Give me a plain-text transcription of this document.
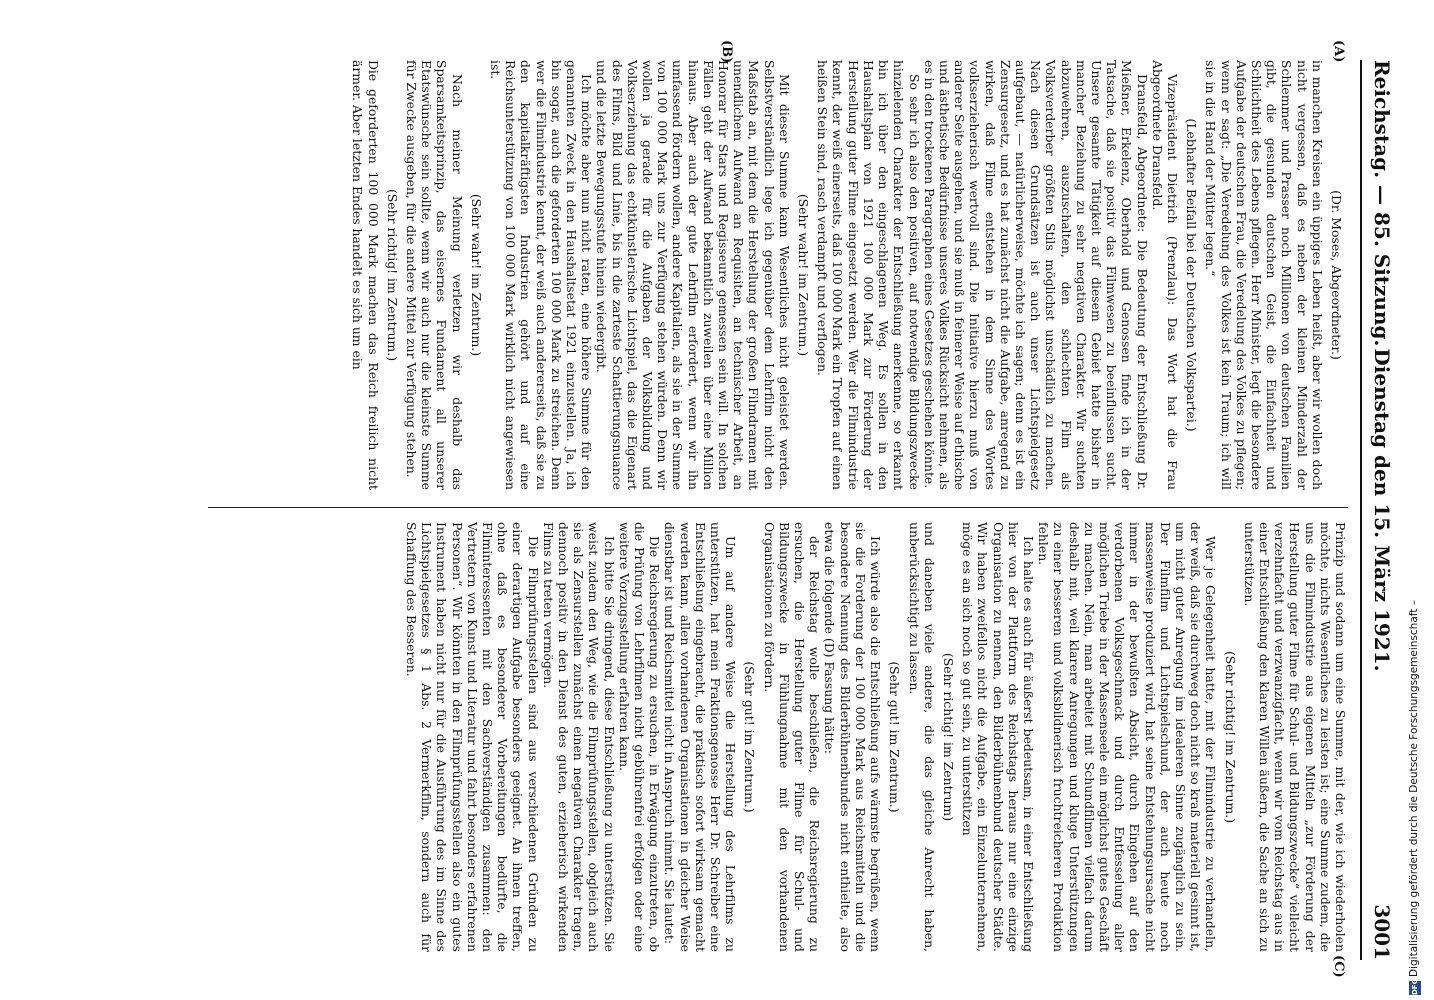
Reichstag. — 85. Sitzung.
Dienstag den 15. März 1921.
3001
(A)
(B)
(C)

(Dr. Moses, Abgeordneter.)

in manchen Kreisen ein üppiges Leben heißt, aber wir wollen doch nicht vergessen, daß es neben der kleinen Minderzahl der Schlemmer und Prasser noch Millionen von deutschen Familien gibt, die gesunden deutschen Geist, die Einfachheit und Schlichtheit des Lebens pflegen. Herr Minister, legt die besondere Aufgabe der deutschen Frau, die Veredelung des Volkes zu pflegen; wenn er sagt: „Die Veredelung des Volkes ist kein Traum; ich will sie in die Hand der Mütter legen.“

(Lebhafter Beifall bei der Deutschen Volkspartei.)

Vizepräsident Dietrich (Prenzlau): Das Wort hat die Frau Abgeordnete Dransfeld.

Dransfeld, Abgeordnete: Die Bedeutung der Entschließung Dr. Mießner, Erkelenz, Oberhold und Genossen finde ich in der Tatsache, daß sie positiv das Filmwesen zu beeinflussen sucht. Unsere gesamte Tätigkeit auf diesem Gebiet hatte bisher in mancher Beziehung zu sehr negativen Charakter. Wir suchten abzuwehren, auszuschalten, den schlechten Film als Volksverderber größten Stils möglichst unschädlich zu machen. Nach diesen Grundsätzen ist auch unser Lichtspielgesetz aufgebaut, — natürlicherweise, möchte ich sagen; denn es ist ein Zensurgesetz, und es hat zunächst nicht die Aufgabe, anregend zu wirken, daß Filme entstehen in dem Sinne des Wortes volkserzieherisch wertvoll sind. Die Initiative hierzu muß von anderer Seite ausgehen, und sie muß in feinerer Weise auf ethische und ästhetische Bedürfnisse unseres Volkes Rücksicht nehmen, als es in den trockenen Paragraphen eines Gesetzes geschehen könnte.

So sehr ich also den positiven, auf notwendige Bildungszwecke hinzielenden Charakter der Entschließung anerkenne, so erkannt bin ich über den eingeschlagenen Weg. Es sollen in den Haushaltsplan von 1921 100 000 Mark zur Förderung der Herstellung guter Filme eingesetzt werden. Wer die Filmindustrie kennt, der weiß einerseits, daß 100 000 Mark ein Tropfen auf einen heißen Stein sind, rasch verdampft und verflogen.

(Sehr wahr! im Zentrum.)

Mit dieser Summe kann Wesentliches nicht geleistet werden. Selbstverständlich lege ich gegenüber dem Lehrfilm nicht den Maßstab an, mit dem die Herstellung der großen Filmdramen mit unendlichem Aufwand an Requisiten, an technischer Arbeit, an Honorar für Stars und Regisseure gemessen sein will. In solchen Fällen geht der Aufwand bekanntlich zuweilen über eine Million hinaus. Aber auch der gute Lehrfilm erfordert, wenn wir ihn umfassend fördern wollen, andere Kapitalien, als sie in der Summe von 100 000 Mark uns zur Verfügung stehen würden. Denn wir wollen ja gerade für die Aufgaben der Volksbildung und Volkserziehung das echtkünstlerische Lichtspiel, das die Eigenart des Films, Bild und Linie, bis in die zarteste Schattierungsnuance und die letzte Bewegungsstufe hinein wiedergibt.

Ich möchte aber nun nicht raten, eine höhere Summe für den genannten Zweck in den Haushaltsetat 1921 einzustellen. Ja, ich bin sogar, auch die geforderten 100 000 Mark zu streichen. Denn wer die Filmindustrie kennt, der weiß auch andererseits, daß sie zu den kapitalkräftigsten Industrien gehört und auf eine Reichsunterstützung von 100 000 Mark wirklich nicht angewiesen ist.

(Sehr wahr! im Zentrum.)

Nach meiner Meinung verletzen wir deshalb das Sparsamkeitsprinzip, das eisernes Fundament all unserer Etatswünsche sein sollte, wenn wir auch nur die kleinste Summe für Zwecke ausgeben, für die andere Mittel zur Verfügung stehen.

(Sehr richtig! im Zentrum.)

Die geforderten 100 000 Mark machen das Reich freilich nicht ärmer. Aber letzten Endes handelt es sich um ein

Prinzip und sodann um eine Summe, mit der, wie ich wiederholen möchte, nichts Wesentliches zu leisten ist; eine Summe zudem, die uns die Filmindustrie aus eigenen Mitteln „zur Förderung der Herstellung guter Filme für Schul- und Bildungszwecke“ vielleicht verzehnfacht und verzwanzigfacht, wenn wir vom Reichstag aus in einer Entschließung den klaren Willen äußern, die Sache an sich zu unterstützen.

(Sehr richtig! im Zentrum.)

Wer je Gelegenheit hatte, mit der Filmindustrie zu verhandeln, der weiß, daß sie durchweg doch nicht so kraß materiell gesinnt ist, um nicht guter Anregung im idealeren Sinne zugänglich zu sein. Der Filmfilm und Lichtspielschund, der auch heute noch massenweise produziert wird, hat seine Entstehungsursache nicht immer in der bewußten Absicht, durch Eingehen auf den verdorbenen Volksgeschmack und durch Entfesselung aller möglichen Triebe in der Massenseele ein möglichst gutes Geschäft zu machen. Nein, man arbeitet mit Schundfilmen vielfach darum deshalb mit, weil klarere Anregungen und kluge Unterstützungen zu einer besseren und volksbildnerisch fruchtreicheren Produktion fehlen.

Ich halte es auch für äußerst bedeutsam, in einer Entschließung hier von der Plattform des Reichstags heraus nur eine einzige Organisation zu nennen, den Bilderbühnenbund deutscher Städte. Wir haben zweifellos nicht die Aufgabe, ein Einzelunternehmen, möge es an sich noch so gut sein, zu unterstützen

(Sehr richtig! im Zentrum)

und daneben viele andere, die das gleiche Anrecht haben, unberücksichtigt zu lassen.

(Sehr gut! im Zentrum.)

Ich würde also die Entschließung aufs wärmste begrüßen, wenn sie die Forderung der 100 000 Mark aus Reichsmitteln und die besondere Nennung des Bilderbühnenbundes nicht enthielte, also etwa die folgende (D) Fassung hätte:

der Reichstag wolle beschließen, die Reichsregierung zu ersuchen, die Herstellung guter Filme für Schul- und Bildungszwecke in Fühlungnahme mit den vorhandenen Organisationen zu fördern.

(Sehr gut! im Zentrum.)

Um auf andere Weise die Herstellung des Lehrfilms zu unterstützen, hat mein Fraktionsgenosse Herr Dr. Schreiber eine Entschließung eingebracht, die praktisch sofort wirksam gemacht werden kann, allen vorhandenen Organisationen in gleicher Weise dienstbar ist und Reichsmittel nicht in Anspruch nimmt. Sie lautet:

Die Reichsregierung zu ersuchen, in Erwägung einzutreten, ob die Prüfung von Lehrfilmen nicht gebührenfrei erfolgen oder eine weitere Vorzugsstellung erfahren kann.

Ich bitte Sie dringend, diese Entschließung zu unterstützen. Sie weist zudem den Weg, wie die Filmprüfungsstellen, obgleich auch sie als Zensurstellen zunächst einen negativen Charakter tragen, dennoch positiv in den Dienst des guten, erzieherisch wirkenden Films zu treten vermögen.

Die Filmprüfungsstellen sind aus verschiedenen Gründen zu einer derartigen Aufgabe besonders geeignet. An ihnen treffen, ohne daß es besonderer Vorbereitungen bedürfte, die Filminteressenten mit den Sachverständigen zusammen: den Vertretern von Kunst und Literatur und fahrt besonders erfahrenen Personen“. Wir könnten in den Filmprüfungsstellen also ein gutes Instrument haben nicht nur für die Ausführung des im Sinne des Lichtspielgesetzes § 1 Abs. 2 Vermerkfilm, sondern auch für Schaffung des Besseren.

DFG
Digitalisierung gefördert durch die Deutsche Forschungsgemeinschaft –
